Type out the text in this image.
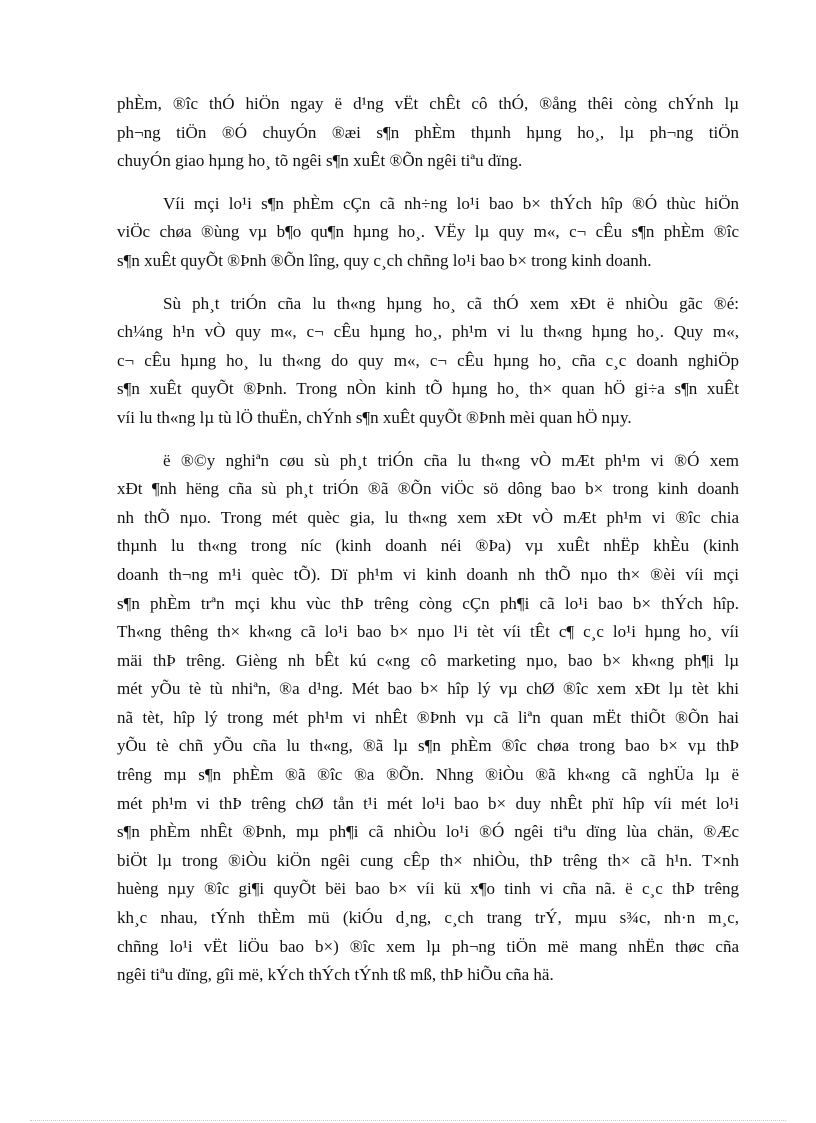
phÈm, ®îc thÓ hiÖn ngay ë d¹ng vËt chÊt cô thÓ, ®ång thêi còng chÝnh lµ
ph¬ng tiÖn ®Ó chuyÓn ®æi s¶n phÈm thµnh hµng ho¸, lµ ph¬ng tiÖn
chuyÓn giao hµng ho¸ tõ ngêi s¶n xuÊt ®Õn ngêi tiªu dïng.

Víi mçi lo¹i s¶n phÈm cÇn cã nh÷ng lo¹i bao b× thÝch hîp ®Ó thùc hiÖn
viÖc chøa ®ùng vµ b¶o qu¶n hµng ho¸. VËy lµ quy m«, c¬ cÊu s¶n phÈm ®îc
s¶n xuÊt quyÕt ®Þnh ®Õn lîng, quy c¸ch chñng lo¹i bao b× trong kinh doanh.

Sù ph¸t triÓn cña lu th«ng hµng ho¸ cã thÓ xem xÐt ë nhiÒu gãc ®é:
ch¼ng h¹n vÒ quy m«, c¬ cÊu hµng ho¸, ph¹m vi lu th«ng hµng ho¸. Quy m«,
c¬ cÊu hµng ho¸ lu th«ng do quy m«, c¬ cÊu hµng ho¸ cña c¸c doanh nghiÖp
s¶n xuÊt quyÕt ®Þnh. Trong nÒn kinh tÕ hµng ho¸ th× quan hÖ gi÷a s¶n xuÊt
víi lu th«ng lµ tù lÖ thuËn, chÝnh s¶n xuÊt quyÕt ®Þnh mèi quan hÖ nµy.

ë ®©y nghiªn cøu sù ph¸t triÓn cña lu th«ng vÒ mÆt ph¹m vi ®Ó xem
xÐt ¶nh hëng cña sù ph¸t triÓn ®ã ®Õn viÖc sö dông bao b× trong kinh doanh
nh thÕ nµo. Trong mét quèc gia, lu th«ng xem xÐt vÒ mÆt ph¹m vi ®îc chia
thµnh lu th«ng trong níc (kinh doanh néi ®Þa) vµ xuÊt nhËp khÈu (kinh
doanh th¬ng m¹i quèc tÕ). Dï ph¹m vi kinh doanh nh thÕ nµo th× ®èi víi mçi
s¶n phÈm trªn mçi khu vùc thÞ trêng còng cÇn ph¶i cã lo¹i bao b× thÝch hîp.
Th«ng thêng th× kh«ng cã lo¹i bao b× nµo l¹i tèt víi tÊt c¶ c¸c lo¹i hµng ho¸ víi
mäi thÞ trêng. Gièng nh bÊt kú c«ng cô marketing nµo, bao b× kh«ng ph¶i lµ
mét yÕu tè tù nhiªn, ®a d¹ng. Mét bao b× hîp lý vµ chØ ®îc xem xÐt lµ tèt khi
nã tèt, hîp lý trong mét ph¹m vi nhÊt ®Þnh vµ cã liªn quan mËt thiÕt ®Õn hai
yÕu tè chñ yÕu cña lu th«ng, ®ã lµ s¶n phÈm ®îc chøa trong bao b× vµ thÞ
trêng mµ s¶n phÈm ®ã ®îc ®a ®Õn. Nhng ®iÒu ®ã kh«ng cã nghÜa lµ ë
mét ph¹m vi thÞ trêng chØ tån t¹i mét lo¹i bao b× duy nhÊt phï hîp víi mét lo¹i
s¶n phÈm nhÊt ®Þnh, mµ ph¶i cã nhiÒu lo¹i ®Ó ngêi tiªu dïng lùa chän, ®Æc
biÖt lµ trong ®iÒu kiÖn ngêi cung cÊp th× nhiÒu, thÞ trêng th× cã h¹n. T×nh
huèng nµy ®îc gi¶i quyÕt bëi bao b× víi kü x¶o tinh vi cña nã. ë c¸c thÞ trêng
kh¸c nhau, tÝnh thÈm mü (kiÓu d¸ng, c¸ch trang trÝ, mµu s¾c, nh·n m¸c,
chñng lo¹i vËt liÖu bao b×) ®îc xem lµ ph¬ng tiÖn më mang nhËn thøc cña
ngêi tiªu dïng, gîi më, kÝch thÝch tÝnh tß mß, thÞ hiÕu cña hä.
